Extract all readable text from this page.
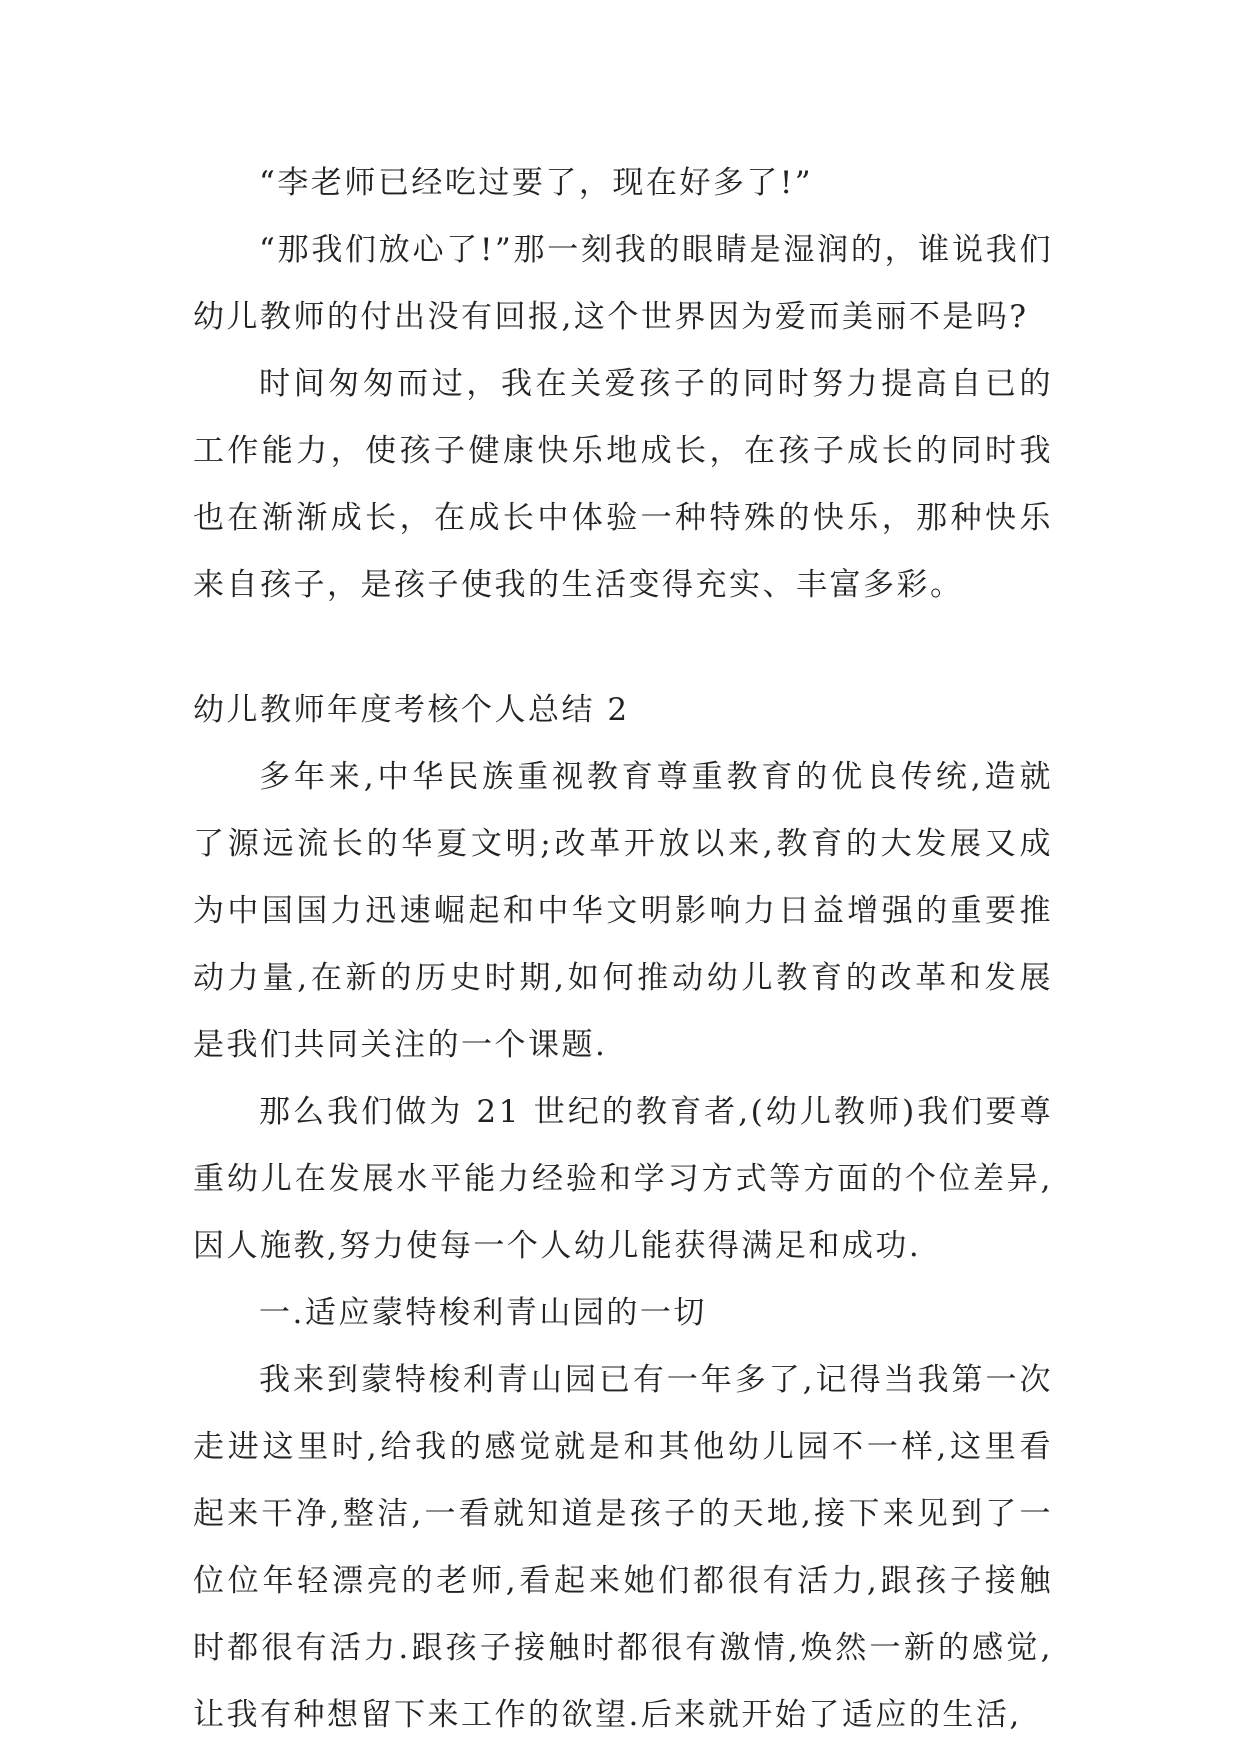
“李老师已经吃过要了，现在好多了!”

“那我们放心了!”那一刻我的眼睛是湿润的，谁说我们幼儿教师的付出没有回报,这个世界因为爱而美丽不是吗?

时间匆匆而过，我在关爱孩子的同时努力提高自已的工作能力，使孩子健康快乐地成长，在孩子成长的同时我也在渐渐成长，在成长中体验一种特殊的快乐，那种快乐来自孩子，是孩子使我的生活变得充实、丰富多彩。

幼儿教师年度考核个人总结 2

多年来,中华民族重视教育尊重教育的优良传统,造就了源远流长的华夏文明;改革开放以来,教育的大发展又成为中国国力迅速崛起和中华文明影响力日益增强的重要推动力量,在新的历史时期,如何推动幼儿教育的改革和发展是我们共同关注的一个课题.

那么我们做为 21 世纪的教育者,(幼儿教师)我们要尊重幼儿在发展水平能力经验和学习方式等方面的个位差异,因人施教,努力使每一个人幼儿能获得满足和成功.

一.适应蒙特梭利青山园的一切

我来到蒙特梭利青山园已有一年多了,记得当我第一次走进这里时,给我的感觉就是和其他幼儿园不一样,这里看起来干净,整洁,一看就知道是孩子的天地,接下来见到了一位位年轻漂亮的老师,看起来她们都很有活力,跟孩子接触时都很有活力.跟孩子接触时都很有激情,焕然一新的感觉,让我有种想留下来工作的欲望.后来就开始了适应的生活,
